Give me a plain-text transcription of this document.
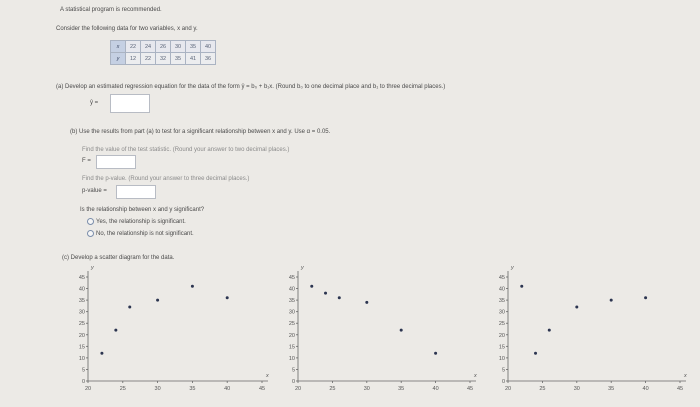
A statistical program is recommended.
Consider the following data for two variables, x and y.
x	22	24	26	30	35	40
y	12	22	32	35	41	36
(a) Develop an estimated regression equation for the data of the form ŷ = b₀ + b₁x. (Round b₀ to one decimal place and b₁ to three decimal places.)
ŷ =
(b) Use the results from part (a) to test for a significant relationship between x and y. Use α = 0.05.
Find the value of the test statistic. (Round your answer to two decimal places.)
F =
Find the p-value. (Round your answer to three decimal places.)
p-value =
Is the relationship between x and y significant?
Yes, the relationship is significant.
No, the relationship is not significant.
(c) Develop a scatter diagram for the data.
0
5
10
15
20
25
30
35
40
45
20	25	30	35	40	45
x
y
0
5
10
15
20
25
30
35
40
45
20	25	30	35	40	45
x
y
0
5
10
15
20
25
30
35
40
45
20	25	30	35	40	45
x
y
